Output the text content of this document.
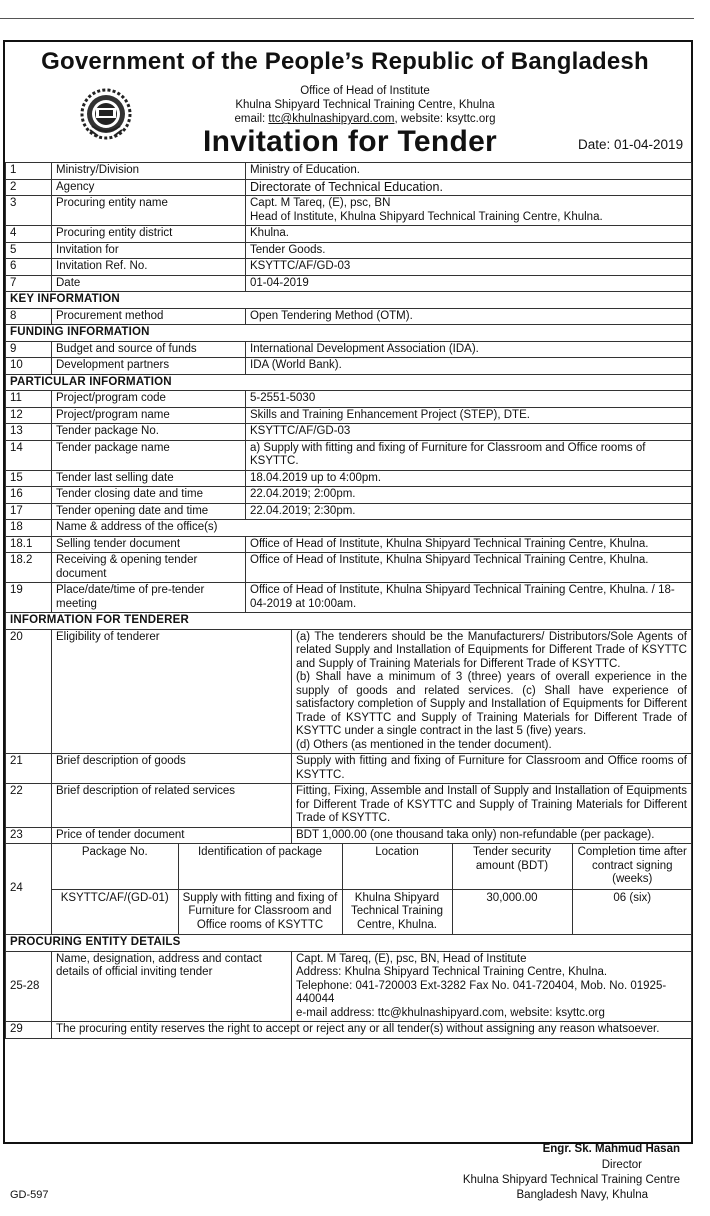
Government of the People’s Republic of Bangladesh
Office of Head of Institute
Khulna Shipyard Technical Training Centre, Khulna
email: ttc@khulnashipyard.com, website: ksyttc.org
Invitation for Tender	Date: 01-04-2019
1	Ministry/Division	Ministry of Education.
2	Agency	Directorate of Technical Education.
3	Procuring entity name	Capt. M Tareq, (E), psc, BN
Head of Institute, Khulna Shipyard Technical Training Centre, Khulna.

4	Procuring entity district	Khulna.
5	Invitation for	Tender Goods.
6	Invitation Ref. No.	KSYTTC/AF/GD-03
7	Date	01-04-2019
KEY INFORMATION
8	Procurement method	Open Tendering Method (OTM).
FUNDING INFORMATION
9	Budget and source of funds	International Development Association (IDA).
10	Development partners	IDA (World Bank).
PARTICULAR INFORMATION
11	Project/program code	5-2551-5030
12	Project/program name	Skills and Training Enhancement Project (STEP), DTE.
13	Tender package No.	KSYTTC/AF/GD-03
14	Tender package name	a) Supply with fitting and fixing of Furniture for Classroom and Office rooms of KSYTTC.
15	Tender last selling date	18.04.2019 up to 4:00pm.
16	Tender closing date and time	22.04.2019; 2:00pm.
17	Tender opening date and time	22.04.2019; 2:30pm.
18	Name & address of the office(s)
18.1	Selling tender document	Office of Head of Institute, Khulna Shipyard Technical Training Centre, Khulna.
18.2	Receiving & opening tender document	Office of Head of Institute, Khulna Shipyard Technical Training Centre, Khulna.
19	Place/date/time of pre-tender meeting	Office of Head of Institute, Khulna Shipyard Technical Training Centre, Khulna. / 18-04-2019 at 10:00am.
INFORMATION FOR TENDERER
20	Eligibility of tenderer	(a) The tenderers should be the Manufacturers/ Distributors/Sole Agents of related Supply and Installation of Equipments for Different Trade of KSYTTC and Supply of Training Materials for Different Trade of KSYTTC.
(b) Shall have a minimum of 3 (three) years of overall experience in the supply of goods and related services. (c) Shall have experience of satisfactory completion of Supply and Installation of Equipments for Different Trade of KSYTTC and Supply of Training Materials for Different Trade of KSYTTC under a single contract in the last 5 (five) years.
(d) Others (as mentioned in the tender document).

21	Brief description of goods	Supply with fitting and fixing of Furniture for Classroom and Office rooms of KSYTTC.
22	Brief description of related services	Fitting, Fixing, Assemble and Install of Supply and Installation of Equipments for Different Trade of KSYTTC and Supply of Training Materials for Different Trade of KSYTTC.
23	Price of tender document	BDT 1,000.00 (one thousand taka only) non-refundable (per package).
24	
Package No.	Identification of package	Location	Tender security amount (BDT)	Completion time after contract signing (weeks)
KSYTTC/AF/(GD-01)	Supply with fitting and fixing of Furniture for Classroom and Office rooms of KSYTTC	Khulna Shipyard Technical Training Centre, Khulna.	30,000.00	06 (six)

PROCURING ENTITY DETAILS
25-28	Name, designation, address and contact details of official inviting tender	
Capt. M Tareq, (E), psc, BN, Head of Institute
Address: Khulna Shipyard Technical Training Centre, Khulna.
Telephone: 041-720003 Ext-3282 Fax No. 041-720404, Mob. No. 01925-440044
e-mail address: ttc@khulnashipyard.com, website: ksyttc.org

29	The procuring entity reserves the right to accept or reject any or all tender(s) without assigning any reason whatsoever.
Engr. Sk. Mahmud Hasan
Director
Khulna Shipyard Technical Training Centre
Bangladesh Navy, Khulna
GD-597
